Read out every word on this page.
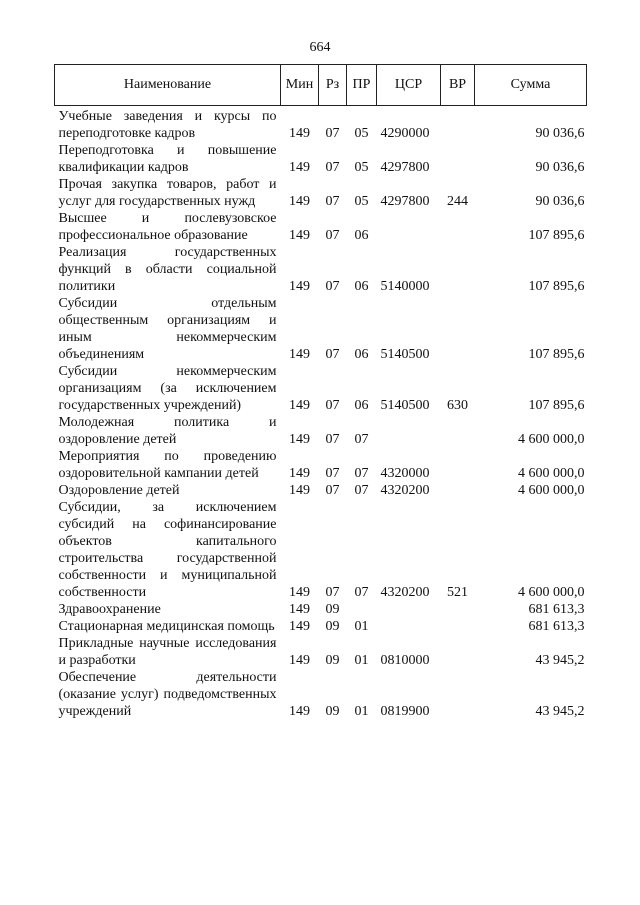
664
Наименование	Мин	Рз	ПР	ЦСР	ВР	Сумма
Учебные заведения и курсы по переподготовке кадров	149	07	05	4290000		90 036,6
Переподготовка и повышение квалификации кадров	149	07	05	4297800		90 036,6
Прочая закупка товаров, работ и услуг для государственных нужд	149	07	05	4297800	244	90 036,6
Высшее и послевузовское профессиональное образование	149	07	06			107 895,6
Реализация государственных функций в области социальной политики	149	07	06	5140000		107 895,6
Субсидии отдельным общественным организациям и иным некоммерческим объединениям	149	07	06	5140500		107 895,6
Субсидии некоммерческим организациям (за исключением государственных учреждений)	149	07	06	5140500	630	107 895,6
Молодежная политика и оздоровление детей	149	07	07			4 600 000,0
Мероприятия по проведению оздоровительной кампании детей	149	07	07	4320000		4 600 000,0
Оздоровление детей	149	07	07	4320200		4 600 000,0
Субсидии, за исключением субсидий на софинансирование объектов капитального строительства государственной собственности и муниципальной собственности	149	07	07	4320200	521	4 600 000,0
Здравоохранение	149	09				681 613,3
Стационарная медицинская помощь	149	09	01			681 613,3
Прикладные научные исследования и разработки	149	09	01	0810000		43 945,2
Обеспечение деятельности (оказание услуг) подведомственных учреждений	149	09	01	0819900		43 945,2
